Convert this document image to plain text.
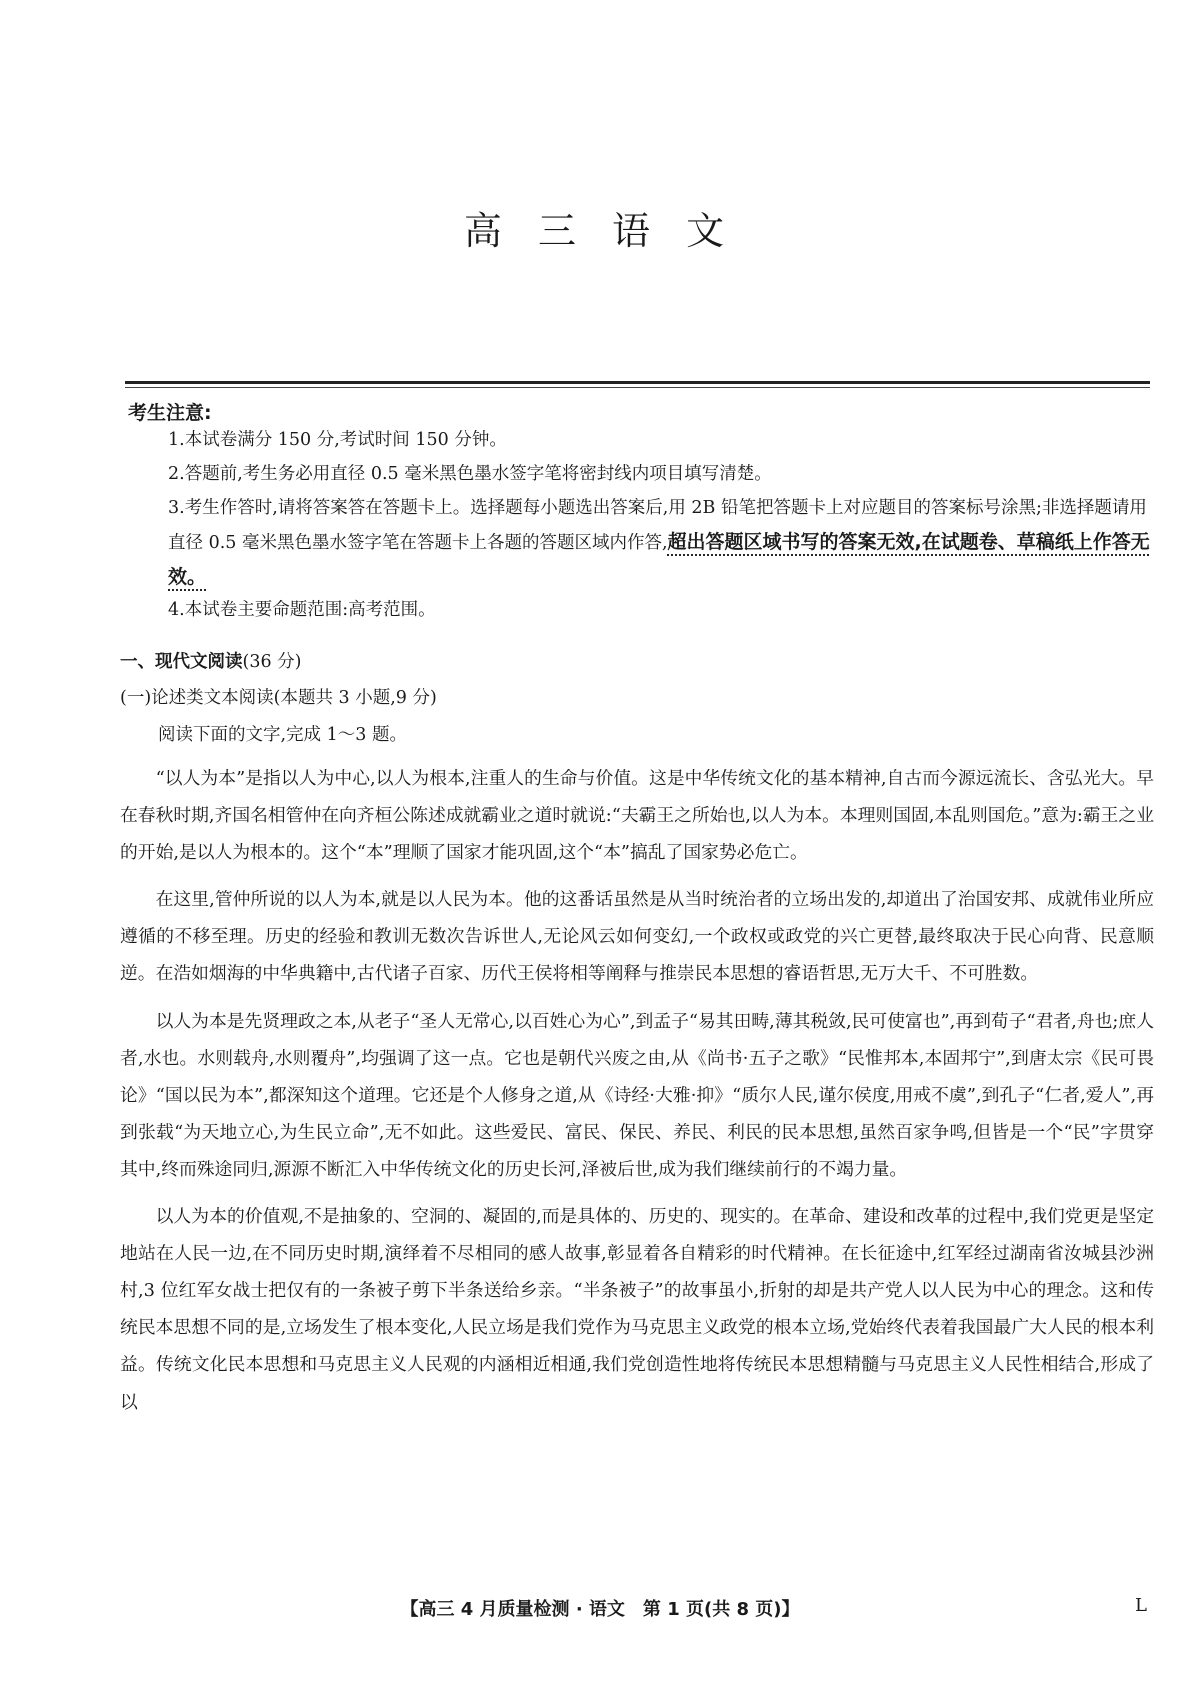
高 三 语 文
考生注意:
1.本试卷满分 150 分,考试时间 150 分钟。
2.答题前,考生务必用直径 0.5 毫米黑色墨水签字笔将密封线内项目填写清楚。
3.考生作答时,请将答案答在答题卡上。选择题每小题选出答案后,用 2B 铅笔把答题卡上对应题目的答案标号涂黑;非选择题请用直径 0.5 毫米黑色墨水签字笔在答题卡上各题的答题区域内作答,超出答题区域书写的答案无效,在试题卷、草稿纸上作答无效。
4.本试卷主要命题范围:高考范围。
一、现代文阅读(36 分)
(一)论述类文本阅读(本题共 3 小题,9 分)
阅读下面的文字,完成 1～3 题。

“以人为本”是指以人为中心,以人为根本,注重人的生命与价值。这是中华传统文化的基本精神,自古而今源远流长、含弘光大。早在春秋时期,齐国名相管仲在向齐桓公陈述成就霸业之道时就说:“夫霸王之所始也,以人为本。本理则国固,本乱则国危。”意为:霸王之业的开始,是以人为根本的。这个“本”理顺了国家才能巩固,这个“本”搞乱了国家势必危亡。

在这里,管仲所说的以人为本,就是以人民为本。他的这番话虽然是从当时统治者的立场出发的,却道出了治国安邦、成就伟业所应遵循的不移至理。历史的经验和教训无数次告诉世人,无论风云如何变幻,一个政权或政党的兴亡更替,最终取决于民心向背、民意顺逆。在浩如烟海的中华典籍中,古代诸子百家、历代王侯将相等阐释与推崇民本思想的睿语哲思,无万大千、不可胜数。

以人为本是先贤理政之本,从老子“圣人无常心,以百姓心为心”,到孟子“易其田畴,薄其税敛,民可使富也”,再到荀子“君者,舟也;庶人者,水也。水则载舟,水则覆舟”,均强调了这一点。它也是朝代兴废之由,从《尚书·五子之歌》“民惟邦本,本固邦宁”,到唐太宗《民可畏论》“国以民为本”,都深知这个道理。它还是个人修身之道,从《诗经·大雅·抑》“质尔人民,谨尔侯度,用戒不虞”,到孔子“仁者,爱人”,再到张载“为天地立心,为生民立命”,无不如此。这些爱民、富民、保民、养民、利民的民本思想,虽然百家争鸣,但皆是一个“民”字贯穿其中,终而殊途同归,源源不断汇入中华传统文化的历史长河,泽被后世,成为我们继续前行的不竭力量。

以人为本的价值观,不是抽象的、空洞的、凝固的,而是具体的、历史的、现实的。在革命、建设和改革的过程中,我们党更是坚定地站在人民一边,在不同历史时期,演绎着不尽相同的感人故事,彰显着各自精彩的时代精神。在长征途中,红军经过湖南省汝城县沙洲村,3 位红军女战士把仅有的一条被子剪下半条送给乡亲。“半条被子”的故事虽小,折射的却是共产党人以人民为中心的理念。这和传统民本思想不同的是,立场发生了根本变化,人民立场是我们党作为马克思主义政党的根本立场,党始终代表着我国最广大人民的根本利益。传统文化民本思想和马克思主义人民观的内涵相近相通,我们党创造性地将传统民本思想精髓与马克思主义人民性相结合,形成了以

【高三 4 月质量检测 · 语文　第 1 页(共 8 页)】	L
